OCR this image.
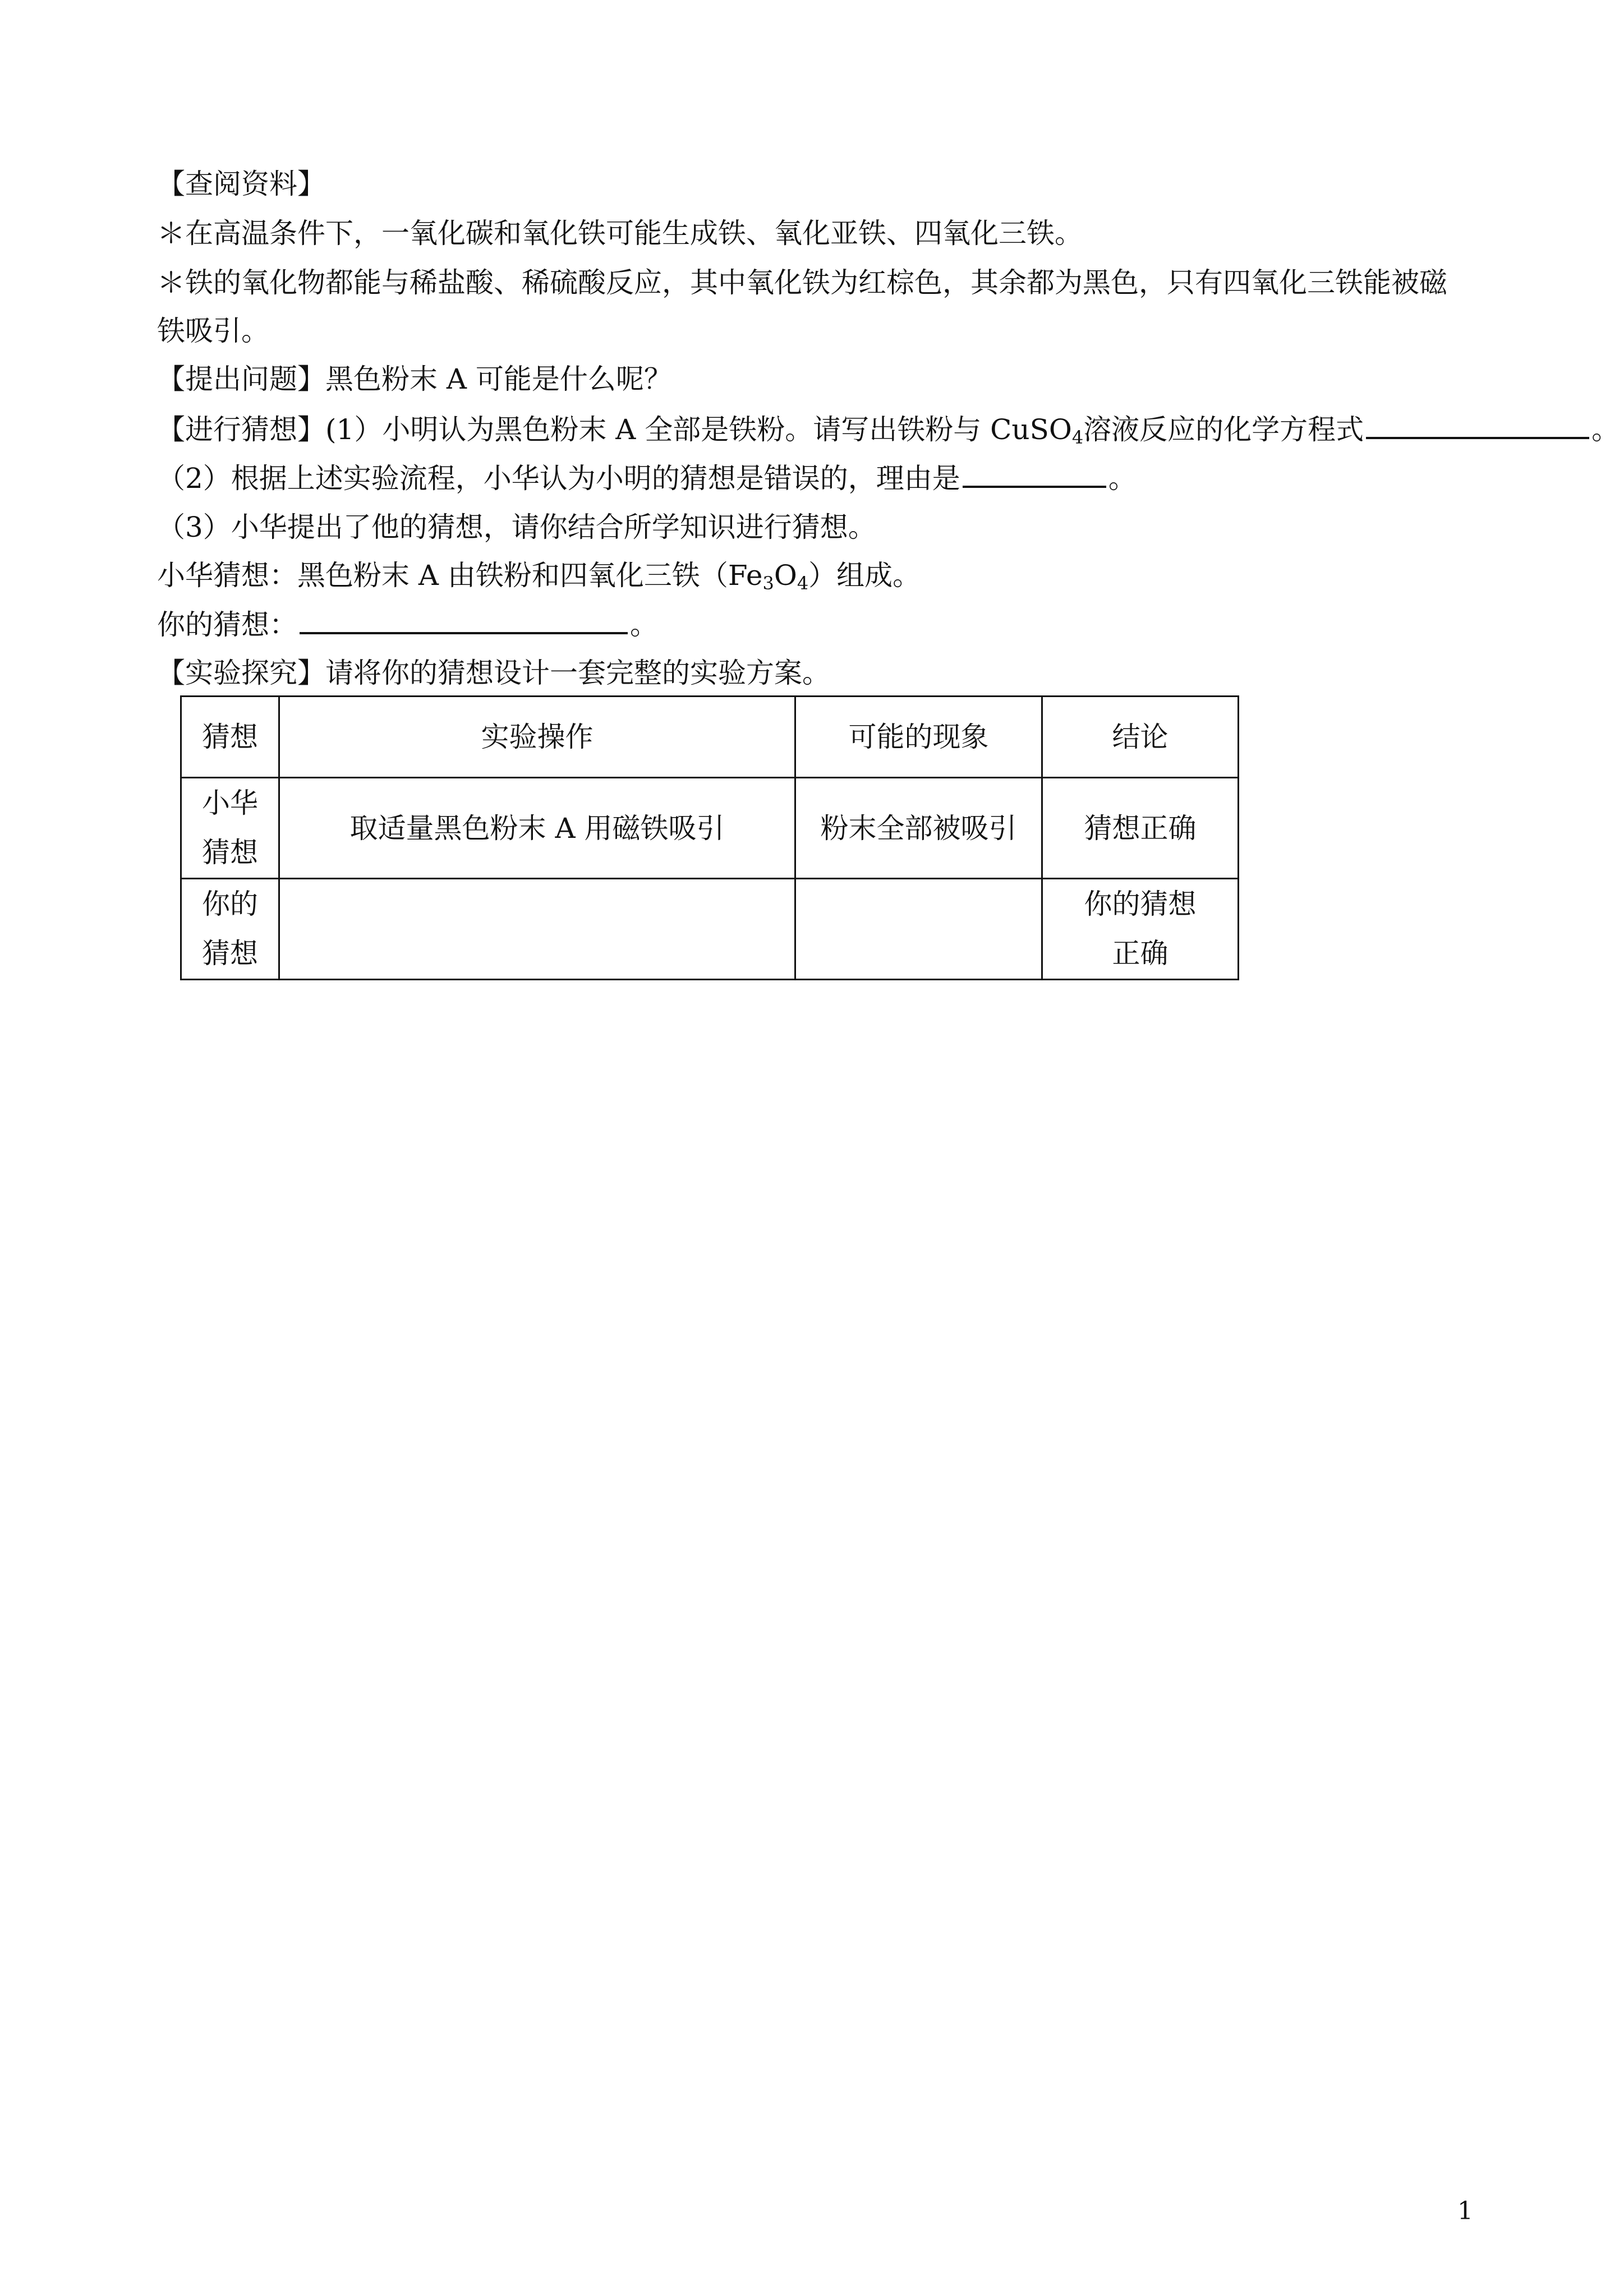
【查阅资料】
＊在高温条件下，一氧化碳和氧化铁可能生成铁、氧化亚铁、四氧化三铁。
＊铁的氧化物都能与稀盐酸、稀硫酸反应，其中氧化铁为红棕色，其余都为黑色，只有四氧化三铁能被磁
铁吸引。
【提出问题】黑色粉末 A 可能是什么呢？
【进行猜想】(1）小明认为黑色粉末 A 全部是铁粉。请写出铁粉与 CuSO$_4$溶液反应的化学方程式	。
（2）根据上述实验流程，小华认为小明的猜想是错误的，理由是	。
（3）小华提出了他的猜想，请你结合所学知识进行猜想。
小华猜想：黑色粉末 A 由铁粉和四氧化三铁$(Fe_3O_4)$组成。
你的猜想：	。
【实验探究】请将你的猜想设计一套完整的实验方案。
猜想	实验操作	可能的现象	结论
小华
猜想	取适量黑色粉末 A 用磁铁吸引	粉末全部被吸引	猜想正确
你的
猜想			你的猜想
正确
1
